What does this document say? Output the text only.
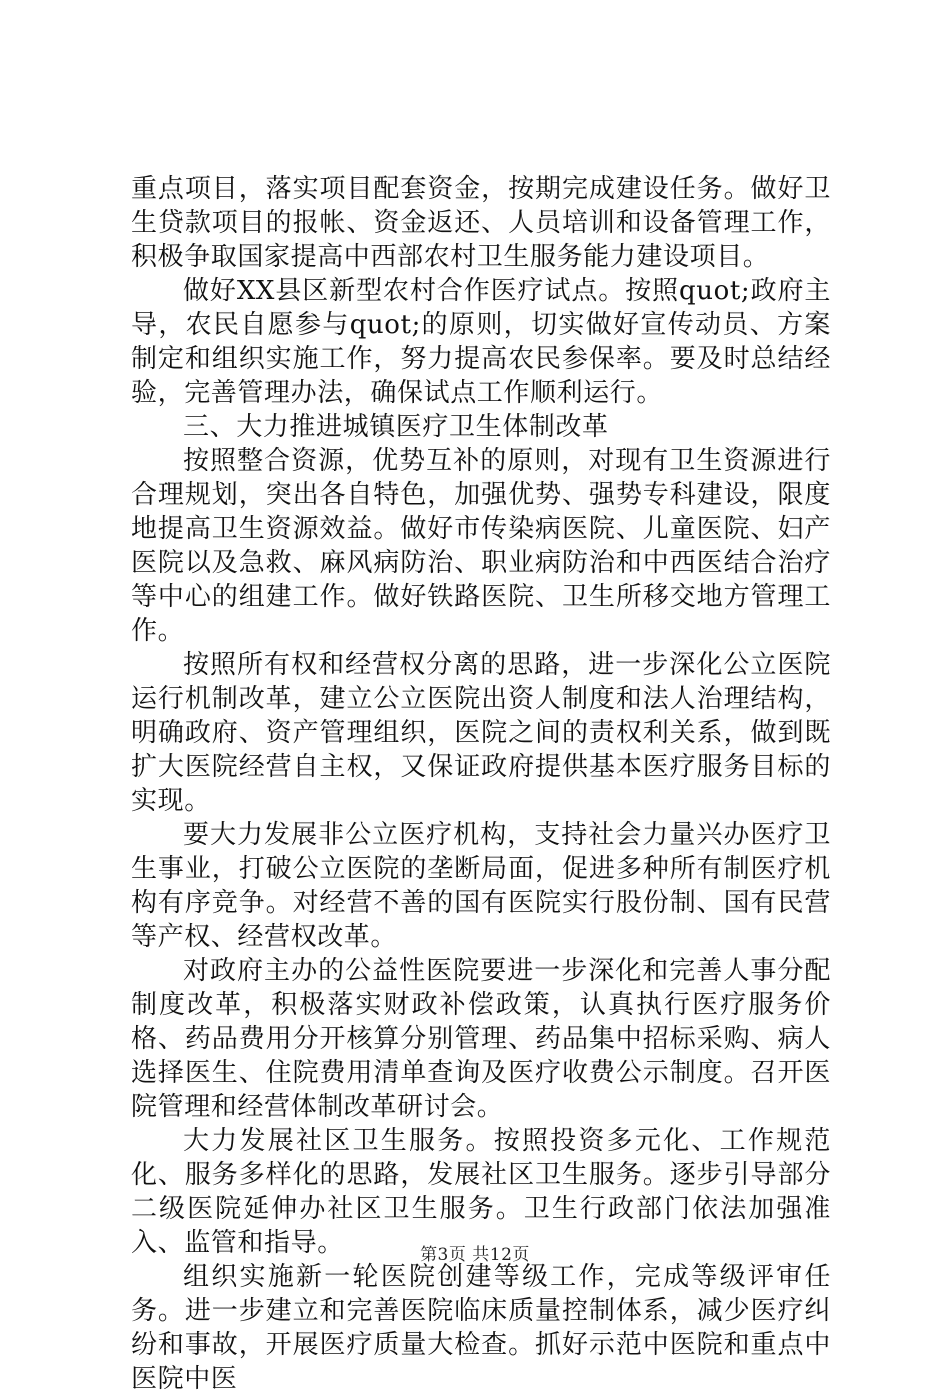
重点项目，落实项目配套资金，按期完成建设任务。做好卫生贷款项目的报帐、资金返还、人员培训和设备管理工作，积极争取国家提高中西部农村卫生服务能力建设项目。

做好XX县区新型农村合作医疗试点。按照quot;政府主导，农民自愿参与quot;的原则，切实做好宣传动员、方案制定和组织实施工作，努力提高农民参保率。要及时总结经验，完善管理办法，确保试点工作顺利运行。

三、大力推进城镇医疗卫生体制改革

按照整合资源，优势互补的原则，对现有卫生资源进行合理规划，突出各自特色，加强优势、强势专科建设，限度地提高卫生资源效益。做好市传染病医院、儿童医院、妇产医院以及急救、麻风病防治、职业病防治和中西医结合治疗等中心的组建工作。做好铁路医院、卫生所移交地方管理工作。

按照所有权和经营权分离的思路，进一步深化公立医院运行机制改革，建立公立医院出资人制度和法人治理结构，明确政府、资产管理组织，医院之间的责权利关系，做到既扩大医院经营自主权，又保证政府提供基本医疗服务目标的实现。

要大力发展非公立医疗机构，支持社会力量兴办医疗卫生事业，打破公立医院的垄断局面，促进多种所有制医疗机构有序竞争。对经营不善的国有医院实行股份制、国有民营等产权、经营权改革。

对政府主办的公益性医院要进一步深化和完善人事分配制度改革，积极落实财政补偿政策，认真执行医疗服务价格、药品费用分开核算分别管理、药品集中招标采购、病人选择医生、住院费用清单查询及医疗收费公示制度。召开医院管理和经营体制改革研讨会。

大力发展社区卫生服务。按照投资多元化、工作规范化、服务多样化的思路，发展社区卫生服务。逐步引导部分二级医院延伸办社区卫生服务。卫生行政部门依法加强准入、监管和指导。

组织实施新一轮医院创建等级工作，完成等级评审任务。进一步建立和完善医院临床质量控制体系，减少医疗纠纷和事故，开展医疗质量大检查。抓好示范中医院和重点中医院中医

第3页 共12页
